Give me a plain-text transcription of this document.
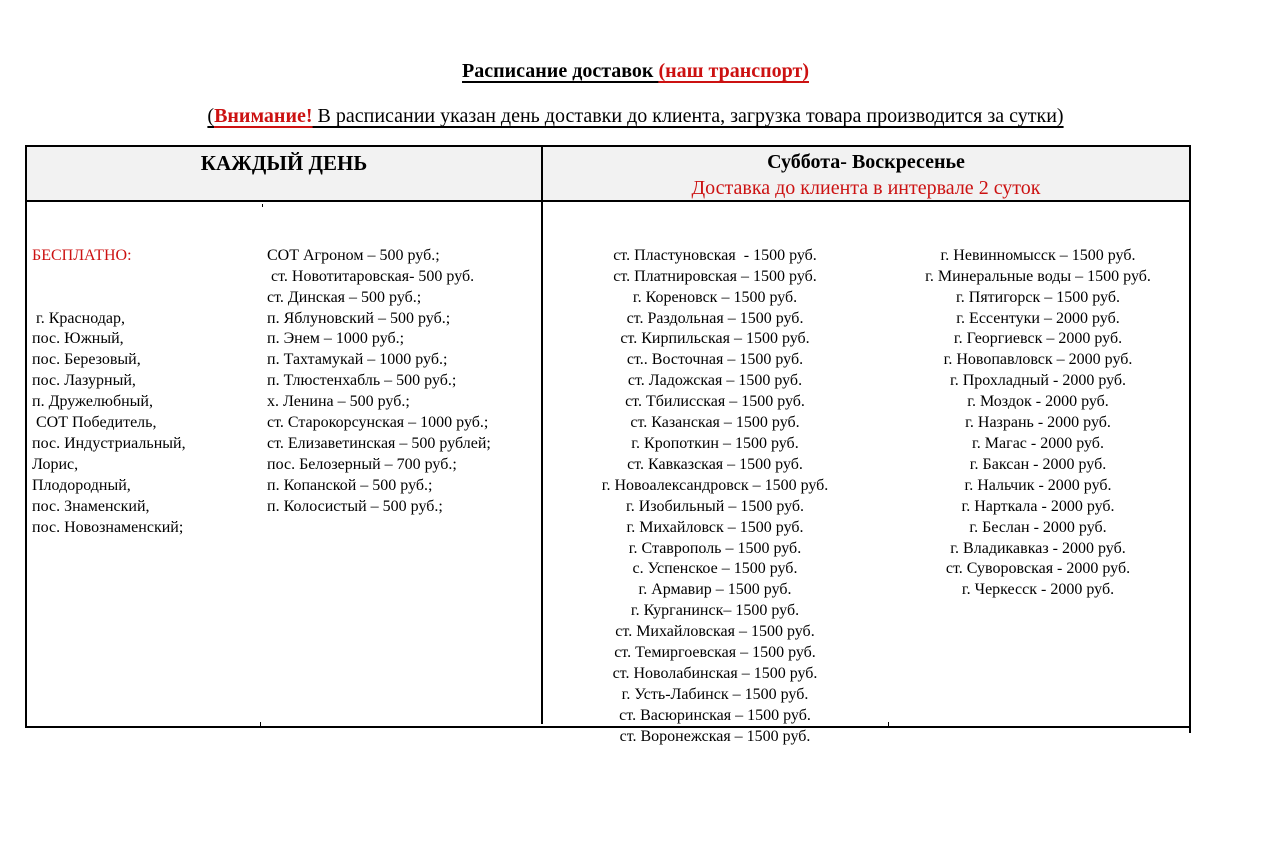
Расписание доставок (наш транспорт)
(Внимание! В расписании указан день доставки до клиента, загрузка товара производится за сутки)
КАЖДЫЙ ДЕНЬ	Суббота- Воскресенье
Доставка до клиента в интервале 2 суток

БЕСПЛАТНО:

г. Краснодар,
пос. Южный,
пос. Березовый,
пос. Лазурный,
п. Дружелюбный,
СОТ Победитель,
пос. Индустриальный,
Лорис,
Плодородный,
пос. Знаменский,
пос. Новознаменский;

СОТ Агроном – 500 руб.;
ст. Новотитаровская- 500 руб.
ст. Динская – 500 руб.;
п. Яблуновский – 500 руб.;
п. Энем – 1000 руб.;
п. Тахтамукай – 1000 руб.;
п. Тлюстенхабль – 500 руб.;
х. Ленина – 500 руб.;
ст. Старокорсунская – 1000 руб.;
ст. Елизаветинская – 500 рублей;
пос. Белозерный – 700 руб.;
п. Копанской – 500 руб.;
п. Колосистый – 500 руб.;

ст. Пластуновская  - 1500 руб.
ст. Платнировская – 1500 руб.
г. Кореновск – 1500 руб.
ст. Раздольная – 1500 руб.
ст. Кирпильская – 1500 руб.
ст.. Восточная – 1500 руб.
ст. Ладожская – 1500 руб.
ст. Тбилисская – 1500 руб.
ст. Казанская – 1500 руб.
г. Кропоткин – 1500 руб.
ст. Кавказская – 1500 руб.
г. Новоалександровск – 1500 руб.
г. Изобильный – 1500 руб.
г. Михайловск – 1500 руб.
г. Ставрополь – 1500 руб.
с. Успенское – 1500 руб.
г. Армавир – 1500 руб.
г. Курганинск– 1500 руб.
ст. Михайловская – 1500 руб.
ст. Темиргоевская – 1500 руб.
ст. Новолабинская – 1500 руб.
г. Усть-Лабинск – 1500 руб.
ст. Васюринская – 1500 руб.
ст. Воронежская – 1500 руб.

г. Невинномысск – 1500 руб.
г. Минеральные воды – 1500 руб.
г. Пятигорск – 1500 руб.
г. Ессентуки – 2000 руб.
г. Георгиевск – 2000 руб.
г. Новопавловск – 2000 руб.
г. Прохладный - 2000 руб.
г. Моздок - 2000 руб.
г. Назрань - 2000 руб.
г. Магас - 2000 руб.
г. Баксан - 2000 руб.
г. Нальчик - 2000 руб.
г. Нарткала - 2000 руб.
г. Беслан - 2000 руб.
г. Владикавказ - 2000 руб.
ст. Суворовская - 2000 руб.
г. Черкесск - 2000 руб.
